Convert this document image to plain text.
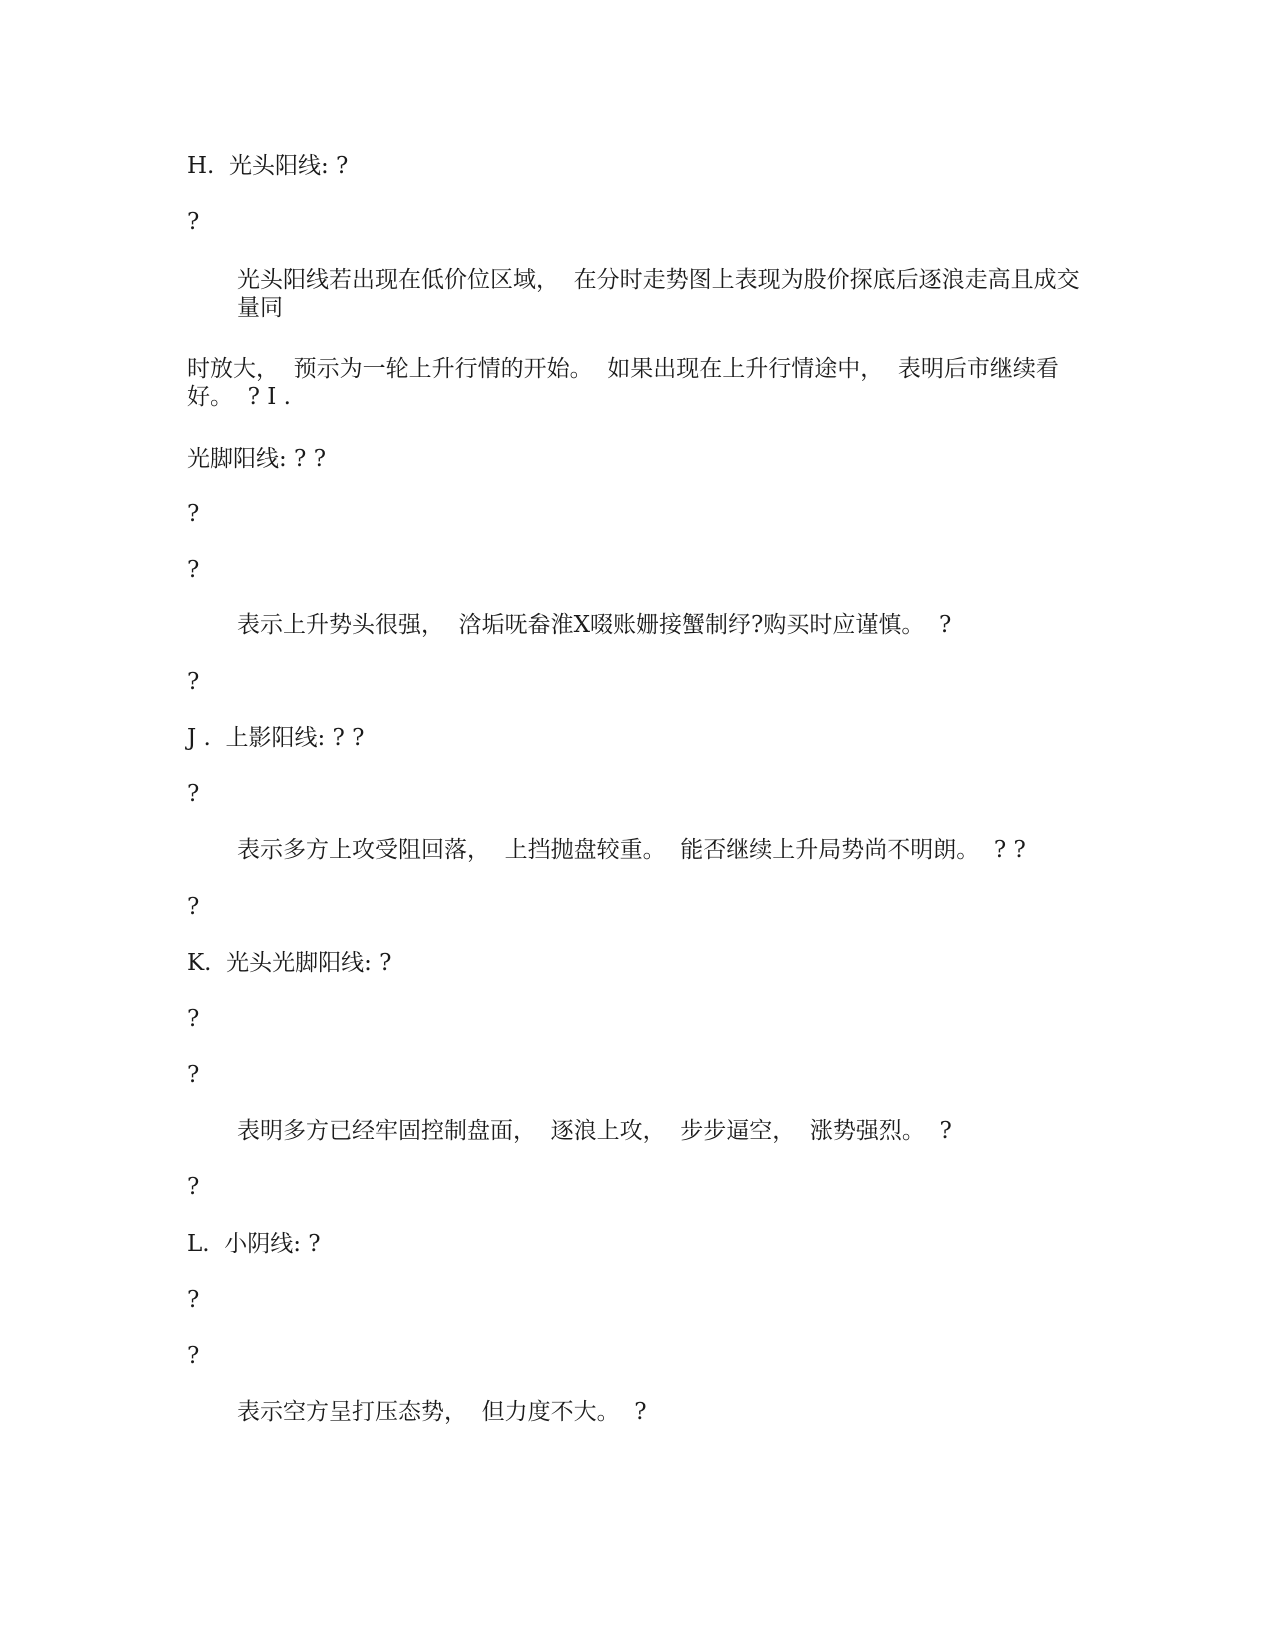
H.  光头阳线: ?

?

光头阳线若出现在低价位区域，  在分时走势图上表现为股价探底后逐浪走高且成交量同

时放大，  预示为一轮上升行情的开始。  如果出现在上升行情途中，  表明后市继续看好。  ? I .

光脚阳线: ? ?

?

?

表示上升势头很强，  浛垢呒畚淮X啜账姗接蟹制纾?购买时应谨慎。  ?

?

J .  上影阳线: ? ?

?

表示多方上攻受阻回落，  上挡抛盘较重。  能否继续上升局势尚不明朗。  ? ?

?

K.  光头光脚阳线: ?

?

?

表明多方已经牢固控制盘面，  逐浪上攻，  步步逼空，  涨势强烈。  ?

?

L.  小阴线: ?

?

?

表示空方呈打压态势，  但力度不大。  ?
